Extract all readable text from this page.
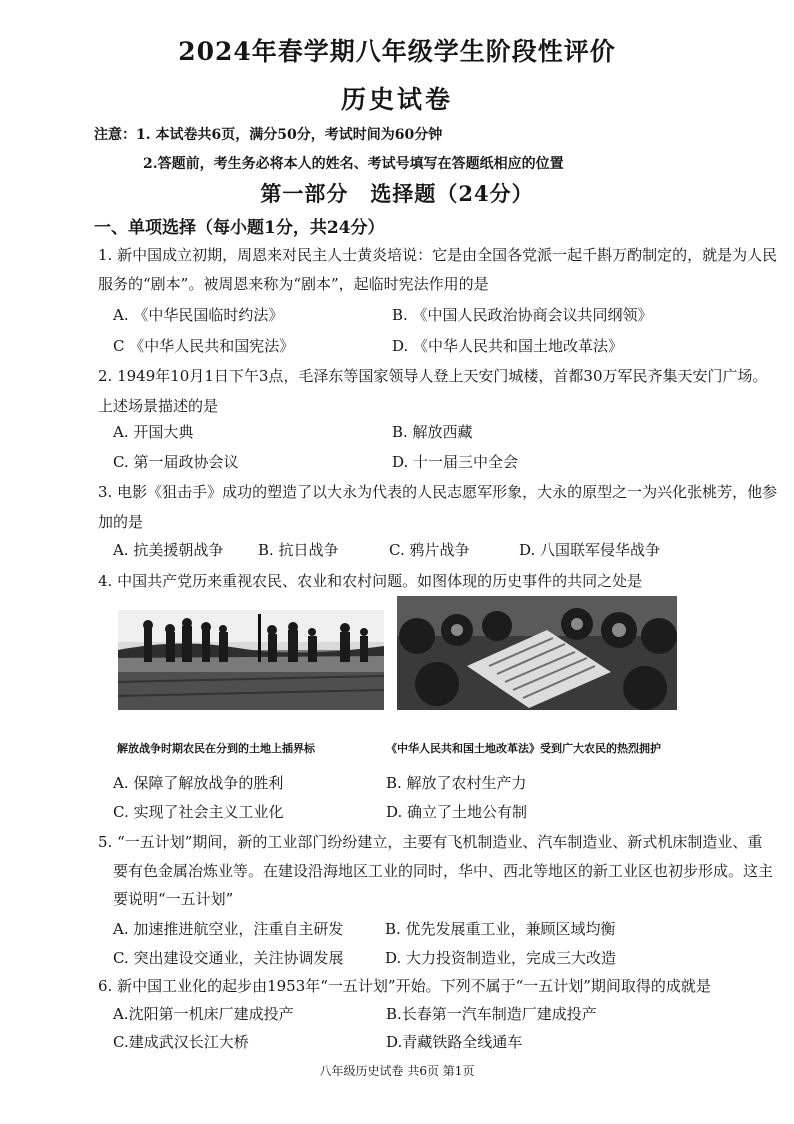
2024年春学期八年级学生阶段性评价
历史试卷
注意：1. 本试卷共6页，满分50分，考试时间为60分钟
2.答题前，考生务必将本人的姓名、考试号填写在答题纸相应的位置
第一部分　选择题（24分）
一、单项选择（每小题1分，共24分）
1. 新中国成立初期，周恩来对民主人士黄炎培说：它是由全国各党派一起千斟万酌制定的，就是为人民
服务的“剧本”。被周恩来称为“剧本”，起临时宪法作用的是
A. 《中华民国临时约法》	B. 《中国人民政治协商会议共同纲领》
C 《中华人民共和国宪法》	D. 《中华人民共和国土地改革法》
2. 1949年10月1日下午3点，毛泽东等国家领导人登上天安门城楼，首都30万军民齐集天安门广场。
上述场景描述的是
A. 开国大典	B. 解放西藏
C. 第一届政协会议	D. 十一届三中全会
3. 电影《狙击手》成功的塑造了以大永为代表的人民志愿军形象，大永的原型之一为兴化张桃芳，他参
加的是
A. 抗美援朝战争 B. 抗日战争	C. 鸦片战争	D. 八国联军侵华战争
4. 中国共产党历来重视农民、农业和农村问题。如图体现的历史事件的共同之处是
解放战争时期农民在分到的土地上插界标	《中华人民共和国土地改革法》受到广大农民的热烈拥护
A. 保障了解放战争的胜利	B. 解放了农村生产力
C. 实现了社会主义工业化	D. 确立了土地公有制
5. “一五计划”期间，新的工业部门纷纷建立，主要有飞机制造业、汽车制造业、新式机床制造业、重
要有色金属冶炼业等。在建设沿海地区工业的同时，华中、西北等地区的新工业区也初步形成。这主
要说明“一五计划”
A. 加速推进航空业，注重自主研发	B. 优先发展重工业，兼顾区域均衡
C. 突出建设交通业，关注协调发展	D. 大力投资制造业，完成三大改造
6. 新中国工业化的起步由1953年“一五计划”开始。下列不属于“一五计划”期间取得的成就是
A.沈阳第一机床厂建成投产	B.长春第一汽车制造厂建成投产
C.建成武汉长江大桥	D.青藏铁路全线通车
八年级历史试卷 共6页 第1页
